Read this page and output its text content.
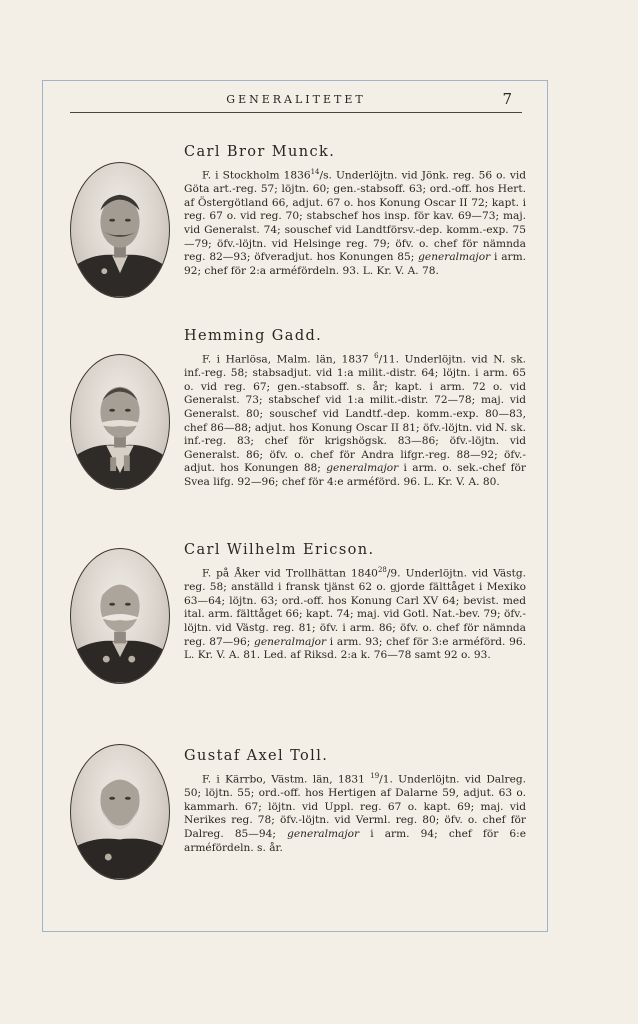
GENERALITETET	7
Carl Bror Munck.
F. i Stockholm 1836$^{14}$/s. Underlöjtn. vid Jönk. reg. 56 o. vid Göta art.-reg. 57; löjtn. 60; gen.-stabsoff. 63; ord.-off. hos Hert. af Östergötland 66, adjut. 67 o. hos Konung Oscar II 72; kapt. i reg. 67 o. vid reg. 70; stabschef hos insp. för kav. 69—73; maj. vid Generalst. 74; souschef vid Landtförsv.-dep. komm.-exp. 75—79; öfv.-löjtn. vid Helsinge reg. 79; öfv. o. chef för nämnda reg. 82—93; öfveradjut. hos Konungen 85; generalmajor i arm. 92; chef för 2:a arméfördeln. 93. L. Kr. V. A. 78.
Hemming Gadd.
F. i Harlösa, Malm. län, 1837 $^6$/11. Underlöjtn. vid N. sk. inf.-reg. 58; stabsadjut. vid 1:a milit.-distr. 64; löjtn. i arm. 65 o. vid reg. 67; gen.-stabsoff. s. år; kapt. i arm. 72 o. vid Generalst. 73; stabschef vid 1:a milit.-distr. 72—78; maj. vid Generalst. 80; souschef vid Landtf.-dep. komm.-exp. 80—83, chef 86—88; adjut. hos Konung Oscar II 81; öfv.-löjtn. vid N. sk. inf.-reg. 83; chef för krigshögsk. 83—86; öfv.-löjtn. vid Generalst. 86; öfv. o. chef för Andra lifgr.-reg. 88—92; öfv.-adjut. hos Konungen 88; generalmajor i arm. o. sek.-chef för Svea lifg. 92—96; chef för 4:e arméförd. 96. L. Kr. V. A. 80.
Carl Wilhelm Ericson.
F. på Åker vid Trollhättan 1840$^{28}$/9. Underlöjtn. vid Västg. reg. 58; anställd i fransk tjänst 62 o. gjorde fälttåget i Mexiko 63—64; löjtn. 63; ord.-off. hos Konung Carl XV 64; bevist. med ital. arm. fälttåget 66; kapt. 74; maj. vid Gotl. Nat.-bev. 79; öfv.-löjtn. vid Västg. reg. 81; öfv. i arm. 86; öfv. o. chef för nämnda reg. 87—96; generalmajor i arm. 93; chef för 3:e arméförd. 96. L. Kr. V. A. 81. Led. af Riksd. 2:a k. 76—78 samt 92 o. 93.
Gustaf Axel Toll.
F. i Kärrbo, Västm. län, 1831 $^{19}$/1. Underlöjtn. vid Dalreg. 50; löjtn. 55; ord.-off. hos Hertigen af Dalarne 59, adjut. 63 o. kammarh. 67; löjtn. vid Uppl. reg. 67 o. kapt. 69; maj. vid Nerikes reg. 78; öfv.-löjtn. vid Verml. reg. 80; öfv. o. chef för Dalreg. 85—94; generalmajor i arm. 94; chef för 6:e arméfördeln. s. år.
